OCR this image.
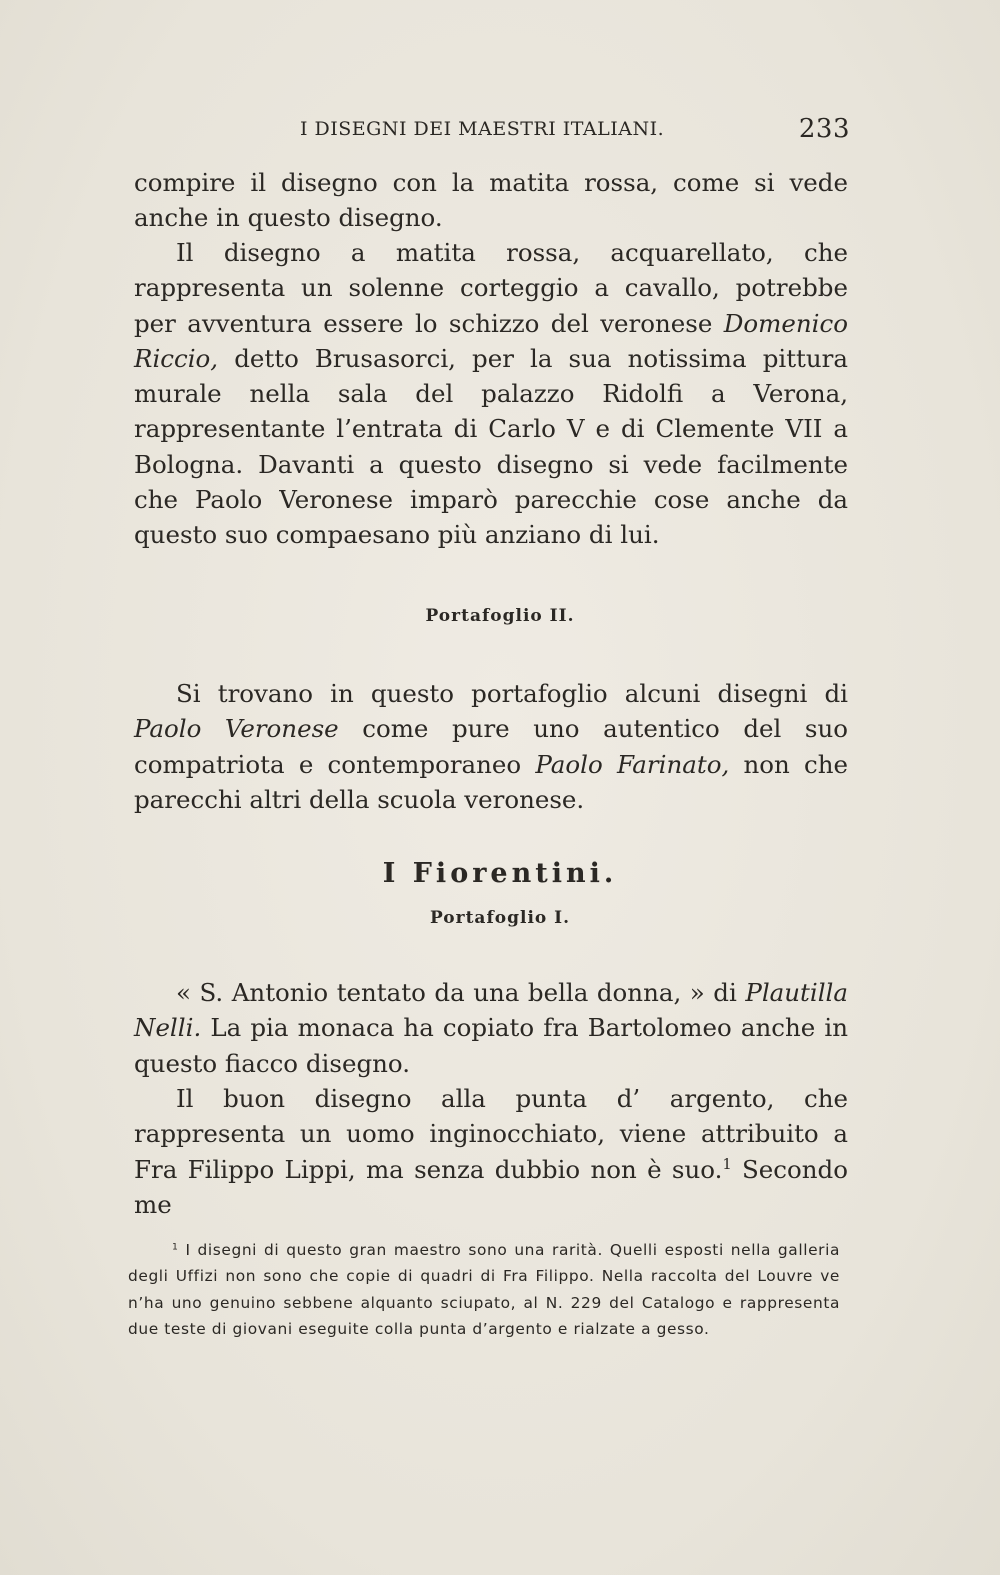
I DISEGNI DEI MAESTRI ITALIANI.	233

compire il disegno con la matita rossa, come si vede anche in questo disegno.

Il disegno a matita rossa, acquarellato, che rappresenta un solenne corteggio a cavallo, potrebbe per avventura essere lo schizzo del veronese Domenico Riccio, detto Brusasorci, per la sua notissima pittura murale nella sala del palazzo Ridolfi a Verona, rappresentante l’entrata di Carlo V e di Clemente VII a Bologna. Davanti a questo disegno si vede facilmente che Paolo Veronese imparò parecchie cose anche da questo suo compaesano più anziano di lui.

Portafoglio II.

Si trovano in questo portafoglio alcuni disegni di Paolo Veronese come pure uno autentico del suo compatriota e contemporaneo Paolo Farinato, non che parecchi altri della scuola veronese.

I Fiorentini.
Portafoglio I.

« S. Antonio tentato da una bella donna, » di Plautilla Nelli. La pia monaca ha copiato fra Bartolomeo anche in questo fiacco disegno.

Il buon disegno alla punta d’ argento, che rappresenta un uomo inginocchiato, viene attribuito a Fra Filippo Lippi, ma senza dubbio non è suo.$^1$ Secondo me

$^1$ I disegni di questo gran maestro sono una rarità. Quelli esposti nella galleria degli Uffizi non sono che copie di quadri di Fra Filippo. Nella raccolta del Louvre ve n’ha uno genuino sebbene alquanto sciupato, al N. 229 del Catalogo e rappresenta due teste di giovani eseguite colla punta d’argento e rialzate a gesso.
